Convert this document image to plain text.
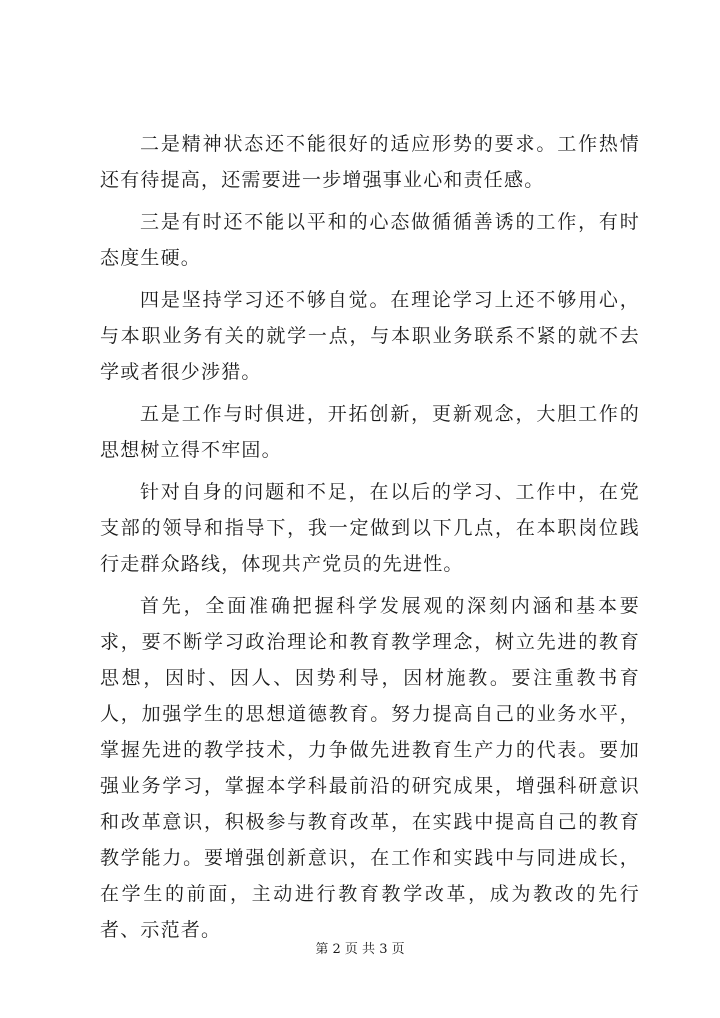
二是精神状态还不能很好的适应形势的要求。工作热情还有待提高，还需要进一步增强事业心和责任感。

三是有时还不能以平和的心态做循循善诱的工作，有时态度生硬。

四是坚持学习还不够自觉。在理论学习上还不够用心，与本职业务有关的就学一点，与本职业务联系不紧的就不去学或者很少涉猎。

五是工作与时俱进，开拓创新，更新观念，大胆工作的思想树立得不牢固。

针对自身的问题和不足，在以后的学习、工作中，在党支部的领导和指导下，我一定做到以下几点，在本职岗位践行走群众路线，体现共产党员的先进性。

首先，全面准确把握科学发展观的深刻内涵和基本要求，要不断学习政治理论和教育教学理念，树立先进的教育思想，因时、因人、因势利导，因材施教。要注重教书育人，加强学生的思想道德教育。努力提高自己的业务水平，掌握先进的教学技术，力争做先进教育生产力的代表。要加强业务学习，掌握本学科最前沿的研究成果，增强科研意识和改革意识，积极参与教育改革，在实践中提高自己的教育教学能力。要增强创新意识，在工作和实践中与同进成长，在学生的前面，主动进行教育教学改革，成为教改的先行者、示范者。

第 2 页 共 3 页
